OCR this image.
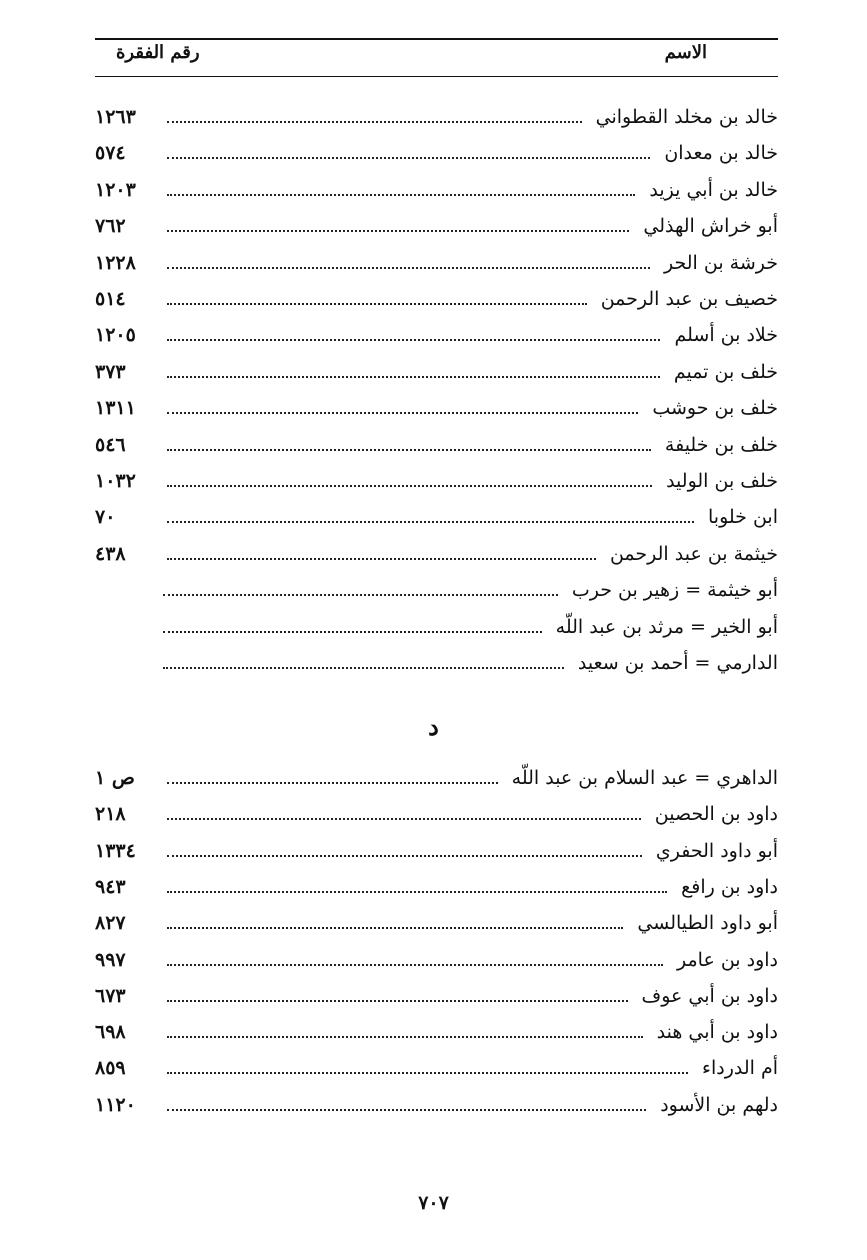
الاسم
رقم الفقرة
خالد بن مخلد القطواني
١٢٦٣
خالد بن معدان
٥٧٤
خالد بن أبي يزيد
١٢٠٣
أبو خراش الهذلي
٧٦٢
خرشة بن الحر
١٢٢٨
خصيف بن عبد الرحمن
٥١٤
خلاد بن أسلم
١٢٠٥
خلف بن تميم
٣٧٣
خلف بن حوشب
١٣١١
خلف بن خليفة
٥٤٦
خلف بن الوليد
١٠٣٢
ابن خلوبا
٧٠
خيثمة بن عبد الرحمن
٤٣٨
أبو خيثمة = زهير بن حرب
أبو الخير = مرثد بن عبد اللّه
الدارمي = أحمد بن سعيد
د
الداهري = عبد السلام بن عبد اللّه
ص ١
داود بن الحصين
٢١٨
أبو داود الحفري
١٣٣٤
داود بن رافع
٩٤٣
أبو داود الطيالسي
٨٢٧
داود بن عامر
٩٩٧
داود بن أبي عوف
٦٧٣
داود بن أبي هند
٦٩٨
أم الدرداء
٨٥٩
دلهم بن الأسود
١١٢٠
٧٠٧
